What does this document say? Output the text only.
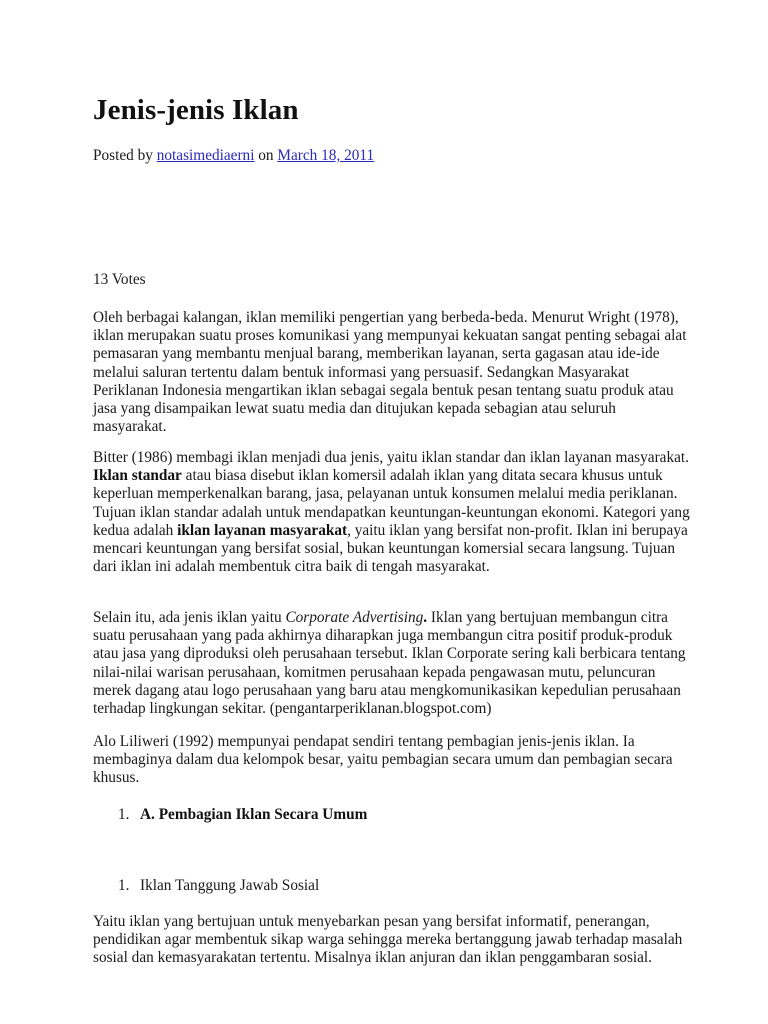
Jenis-jenis Iklan

Posted by notasimediaerni on March 18, 2011

13 Votes

Oleh berbagai kalangan, iklan memiliki pengertian yang berbeda-beda. Menurut Wright (1978), iklan merupakan suatu proses komunikasi yang mempunyai kekuatan sangat penting sebagai alat pemasaran yang membantu menjual barang, memberikan layanan, serta gagasan atau ide-ide melalui saluran tertentu dalam bentuk informasi yang persuasif. Sedangkan Masyarakat Periklanan Indonesia mengartikan iklan sebagai segala bentuk pesan tentang suatu produk atau jasa yang disampaikan lewat suatu media dan ditujukan kepada sebagian atau seluruh masyarakat.

Bitter (1986) membagi iklan menjadi dua jenis, yaitu iklan standar dan iklan layanan masyarakat. Iklan standar atau biasa disebut iklan komersil adalah iklan yang ditata secara khusus untuk keperluan memperkenalkan barang, jasa, pelayanan untuk konsumen melalui media periklanan. Tujuan iklan standar adalah untuk mendapatkan keuntungan-keuntungan ekonomi. Kategori yang kedua adalah iklan layanan masyarakat, yaitu iklan yang bersifat non-profit. Iklan ini berupaya mencari keuntungan yang bersifat sosial, bukan keuntungan komersial secara langsung. Tujuan dari iklan ini adalah membentuk citra baik di tengah masyarakat.

Selain itu, ada jenis iklan yaitu Corporate Advertising. Iklan yang bertujuan membangun citra suatu perusahaan yang pada akhirnya diharapkan juga membangun citra positif produk-produk atau jasa yang diproduksi oleh perusahaan tersebut. Iklan Corporate sering kali berbicara tentang nilai-nilai warisan perusahaan, komitmen perusahaan kepada pengawasan mutu, peluncuran merek dagang atau logo perusahaan yang baru atau mengkomunikasikan kepedulian perusahaan terhadap lingkungan sekitar. (pengantarperiklanan.blogspot.com)

Alo Liliweri (1992) mempunyai pendapat sendiri tentang pembagian jenis-jenis iklan. Ia membaginya dalam dua kelompok besar, yaitu pembagian secara umum dan pembagian secara khusus.

1. A. Pembagian Iklan Secara Umum

1. Iklan Tanggung Jawab Sosial

Yaitu iklan yang bertujuan untuk menyebarkan pesan yang bersifat informatif, penerangan, pendidikan agar membentuk sikap warga sehingga mereka bertanggung jawab terhadap masalah sosial dan kemasyarakatan tertentu. Misalnya iklan anjuran dan iklan penggambaran sosial.
